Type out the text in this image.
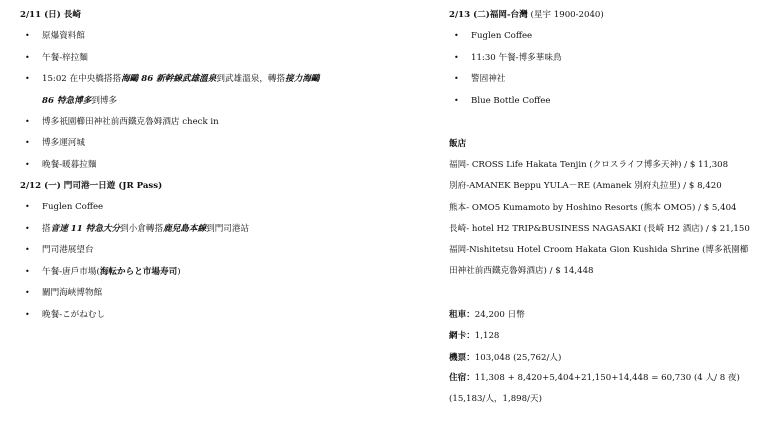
2/11 (日) 長崎
• 原爆資料館
• 午餐-梓拉麵
• 15:02 在中央橋搭搭海鷗 86 新幹線武雄溫泉到武雄溫泉，轉搭接力海鷗
86 特急博多到博多
• 博多祇園櫛田神社前西鐵克魯姆酒店 check in
• 博多運河城
• 晚餐-暖暮拉麵
2/12 (一) 門司港一日遊 (JR Pass)
• Fuglen Coffee
• 搭音速 11 特急大分到小倉轉搭鹿兒島本線到門司港站
• 門司港展望台
• 午餐-唐戶市場(海転からと市場寿司)
• 關門海峽博物館
• 晚餐-こがねむし
2/13 (二)福岡-台灣 (星宇 1900-2040)
• Fuglen Coffee
• 11:30 午餐-博多華味鳥
• 警固神社
• Blue Bottle Coffee
飯店
福岡- CROSS Life Hakata Tenjin (クロスライフ博多天神) / $ 11,308
別府-AMANEK Beppu YULA－RE (Amanek 別府丸拉里) / $ 8,420
熊本- OMO5 Kumamoto by Hoshino Resorts (熊本 OMO5) / $ 5,404
長崎- hotel H2 TRIP&BUSINESS NAGASAKI (長崎 H2 酒店) / $ 21,150
福岡-Nishitetsu Hotel Croom Hakata Gion Kushida Shrine (博多祇園櫛田神社前西鐵克魯姆酒店) / $ 14,448
租車：24,200 日幣
網卡：1,128
機票：103,048 (25,762/人)
住宿：11,308 + 8,420+5,404+21,150+14,448 = 60,730 (4 人/ 8 夜) (15,183/人，1,898/天)
